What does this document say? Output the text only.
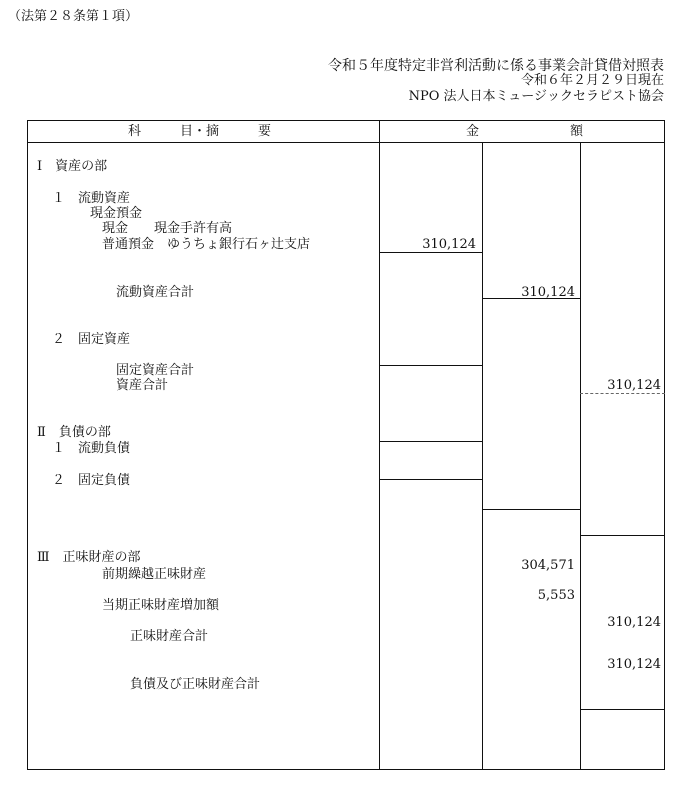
（法第２８条第１項）
令和５年度特定非営利活動に係る事業会計貸借対照表
令和６年２月２９日現在
NPO 法人日本ミュージックセラピスト協会
科　　　目・摘　　　要	金　　　　　　　額
Ⅰ　資産の部
１　流動資産
現金預金
現金　　現金手許有高
普通預金　ゆうちょ銀行石ヶ辻支店
流動資産合計
２　固定資産
固定資産合計
資産合計
Ⅱ　負債の部
１　流動負債
２　固定負債
Ⅲ　正味財産の部
前期繰越正味財産
当期正味財産増加額
正味財産合計
負債及び正味財産合計
310,124
310,124
304,571
5,553
310,124
310,124
310,124
